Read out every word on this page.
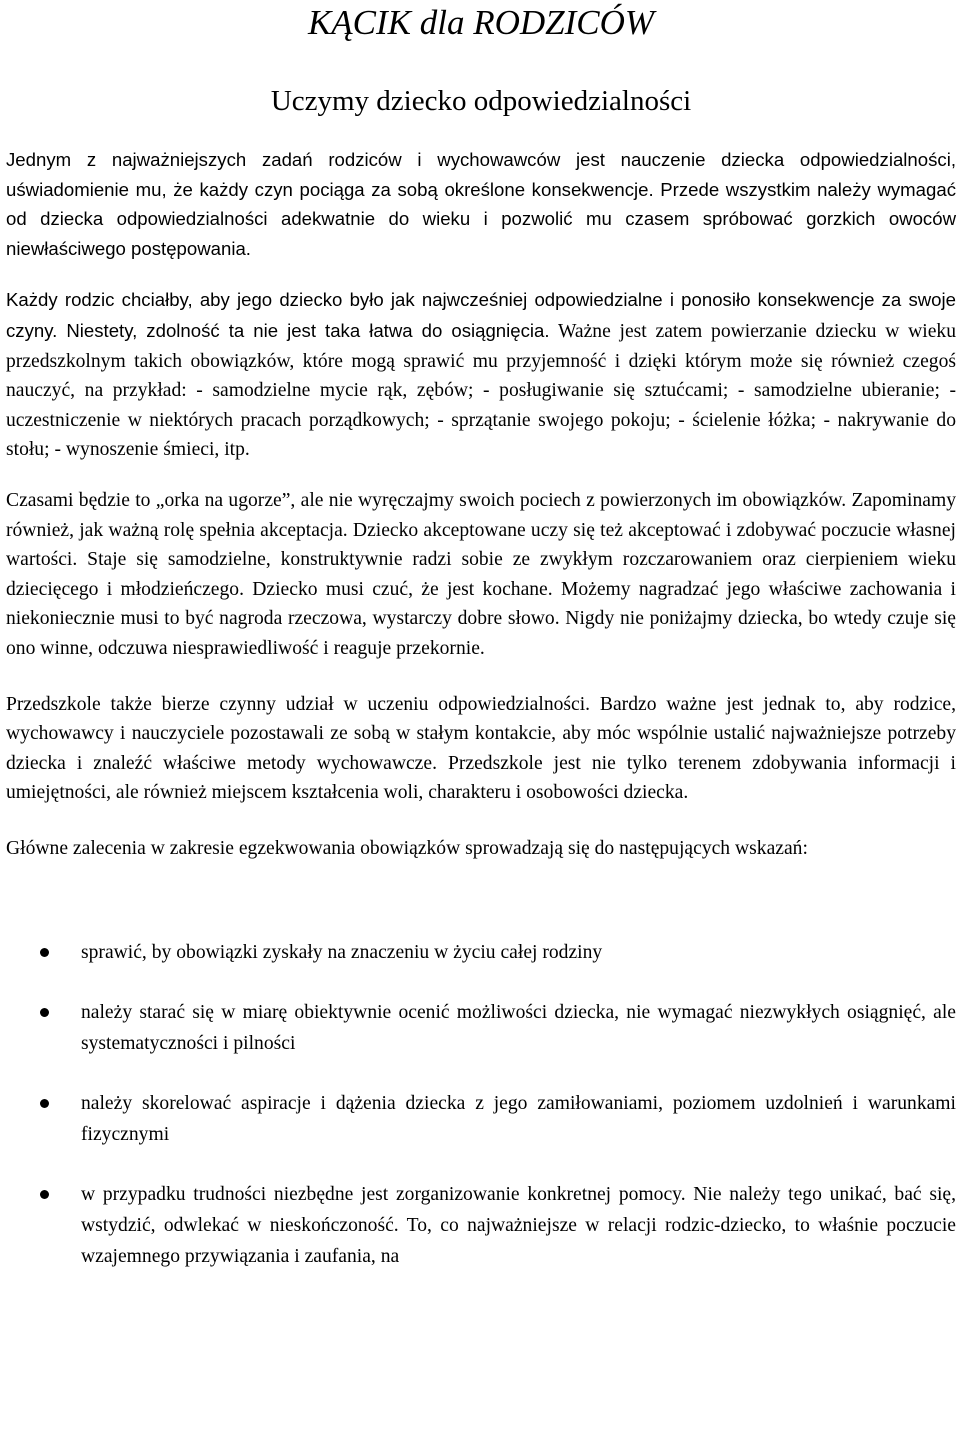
KĄCIK dla RODZICÓW
Uczymy dziecko odpowiedzialności

Jednym z najważniejszych zadań rodziców i wychowawców jest nauczenie dziecka odpowiedzialności, uświadomienie mu, że każdy czyn pociąga za sobą określone konsekwencje. Przede wszystkim należy wymagać od dziecka odpowiedzialności adekwatnie do wieku i pozwolić mu czasem spróbować gorzkich owoców niewłaściwego postępowania.

Każdy rodzic chciałby, aby jego dziecko było jak najwcześniej odpowiedzialne i ponosiło konsekwencje za swoje czyny. Niestety, zdolność ta nie jest taka łatwa do osiągnięcia. Ważne jest zatem powierzanie dziecku w wieku przedszkolnym takich obowiązków, które mogą sprawić mu przyjemność i dzięki którym może się również czegoś nauczyć, na przykład: - samodzielne mycie rąk, zębów; - posługiwanie się sztućcami; - samodzielne ubieranie; - uczestniczenie w niektórych pracach porządkowych; - sprzątanie swojego pokoju; - ścielenie łóżka; - nakrywanie do stołu; - wynoszenie śmieci, itp.

Czasami będzie to „orka na ugorze”, ale nie wyręczajmy swoich pociech z powierzonych im obowiązków. Zapominamy również, jak ważną rolę spełnia akceptacja. Dziecko akceptowane uczy się też akceptować i zdobywać poczucie własnej wartości. Staje się samodzielne, konstruktywnie radzi sobie ze zwykłym rozczarowaniem oraz cierpieniem wieku dziecięcego i młodzieńczego. Dziecko musi czuć, że jest kochane. Możemy nagradzać jego właściwe zachowania i niekoniecznie musi to być nagroda rzeczowa, wystarczy dobre słowo. Nigdy nie poniżajmy dziecka, bo wtedy czuje się ono winne, odczuwa niesprawiedliwość i reaguje przekornie.

Przedszkole także bierze czynny udział w uczeniu odpowiedzialności. Bardzo ważne jest jednak to, aby rodzice, wychowawcy i nauczyciele pozostawali ze sobą w stałym kontakcie, aby móc wspólnie ustalić najważniejsze potrzeby dziecka i znaleźć właściwe metody wychowawcze. Przedszkole jest nie tylko terenem zdobywania informacji i umiejętności, ale również miejscem kształcenia woli, charakteru i osobowości dziecka.

Główne zalecenia w zakresie egzekwowania obowiązków sprowadzają się do następujących wskazań:

sprawić, by obowiązki zyskały na znaczeniu w życiu całej rodziny
należy starać się w miarę obiektywnie ocenić możliwości dziecka, nie wymagać niezwykłych osiągnięć, ale systematyczności i pilności
należy skorelować aspiracje i dążenia dziecka z jego zamiłowaniami, poziomem uzdolnień i warunkami fizycznymi
w przypadku trudności niezbędne jest zorganizowanie konkretnej pomocy. Nie należy tego unikać, bać się, wstydzić, odwlekać w nieskończoność. To, co najważniejsze w relacji rodzic-dziecko, to właśnie poczucie wzajemnego przywiązania i zaufania, na
